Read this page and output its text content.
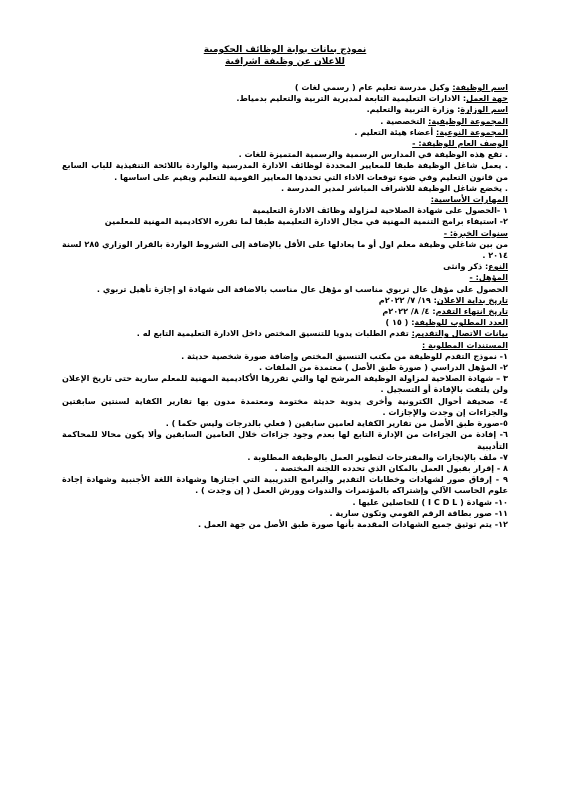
نموذج بيانات بوابة الوظائف الحكومية
للاعلان عن وظيفة اشرافية
اسم الوظيفة: وكيل مدرسة تعليم عام ( رسمي لغات )
جهة العمل: الادارات التعليمية التابعة لمديرية التربية والتعليم بدمياط.
اسم الوزارة: وزارة التربية والتعليم.
المجموعة الوظيفية: التخصصية .
المجموعة النوعية: أعضاء هيئة التعليم .
الوصف العام للوظيفة: -
. تقع هذه الوظيفة في المدارس الرسمية والرسمية المتميزة للغات .
. يعمل شاغل الوظيفة طبقا للمعايير المحددة لوظائف الادارة المدرسية والواردة باللائحة التنفيذية للباب السابع من قانون التعليم وفي ضوء توقعات الاداء التي تحددها المعايير القومية للتعليم ويقيم على اساسها .
. يخضع شاغل الوظيفة للاشراف المباشر لمدير المدرسة .
المهارات الأساسية:
١ -الحصول على شهادة الصلاحية لمزاولة وظائف الادارة التعليمية
٢- استيفاء برامج التنمية المهنية في مجال الادارة التعليمية طبقا لما تقرره الاكاديمية المهنية للمعلمين
سنوات الخبرة: -
من بين شاغلي وظيفة معلم اول أو ما يعادلها على الأقل بالإضافة إلى الشروط الواردة بالقرار الوزاري ٢٨٥ لسنة ٢٠١٤ .
النوع: ذكر وانثى
المؤهل: -
الحصول على مؤهل عال تربوي مناسب او مؤهل عال مناسب بالاضافة الى شهادة او إجازة تأهيل تربوي .
تاريخ بداية الاعلان: ١٩/ ٧/ ٢٠٢٢م
تاريخ انتهاء التقدم: ٤/ ٨/ ٢٠٢٢م
العدد المطلوب للوظيفة: ( ١٥ )
بيانات الاتصال والتقديم: تقدم الطلبات يدويا للتنسيق المختص داخل الادارة التعليمية التابع له .
المستندات المطلوبة :
١- نموذج التقدم للوظيفة من مكتب التنسيق المختص وإضافة صورة شخصية حديثة .
٢- المؤهل الدراسي ( صورة طبق الأصل ) معتمدة من الملفات .
٣ – شهادة الصلاحية لمزاولة الوظيفة المرشح لها والتي تقررها الأكاديمية المهنية للمعلم سارية حتى تاريخ الإعلان ولن يلتفت بالإفادة أو التسجيل .
٤- صحيفة أحوال الكترونية وأخرى يدوية حديثة مختومة ومعتمدة مدون بها تقارير الكفاية لسنتين سابقتين والجزاءات إن وجدت والإجازات .
٥-صورة طبق الأصل من تقارير الكفاية لعامين سابقين ( فعلي بالدرجات وليس حكما ) .
٦- إفادة من الجزاءات من الإدارة التابع لها بعدم وجود جزاءات خلال العامين السابقين وألا يكون محالا للمحاكمة التأديبية
٧- ملف بالإنجازات والمقترحات لتطوير العمل بالوظيفة المطلوبة .
٨ - إقرار بقبول العمل بالمكان الذي تحدده اللجنة المختصة .
٩ - إرفاق صور لشهادات وخطابات التقدير والبرامج التدريبية التي اجتازها وشهادة اللغة الأجنبية وشهادة إجادة علوم الحاسب الآلي وإشتراكه بالمؤتمرات والندوات وورش العمل ( إن وجدت ) .
١٠- شهادة ( I C D L ) للحاصلين عليها .
١١- صور بطاقة الرقم القومي وتكون سارية .
١٢- يتم توثيق جميع الشهادات المقدمة بأنها صورة طبق الأصل من جهة العمل .
